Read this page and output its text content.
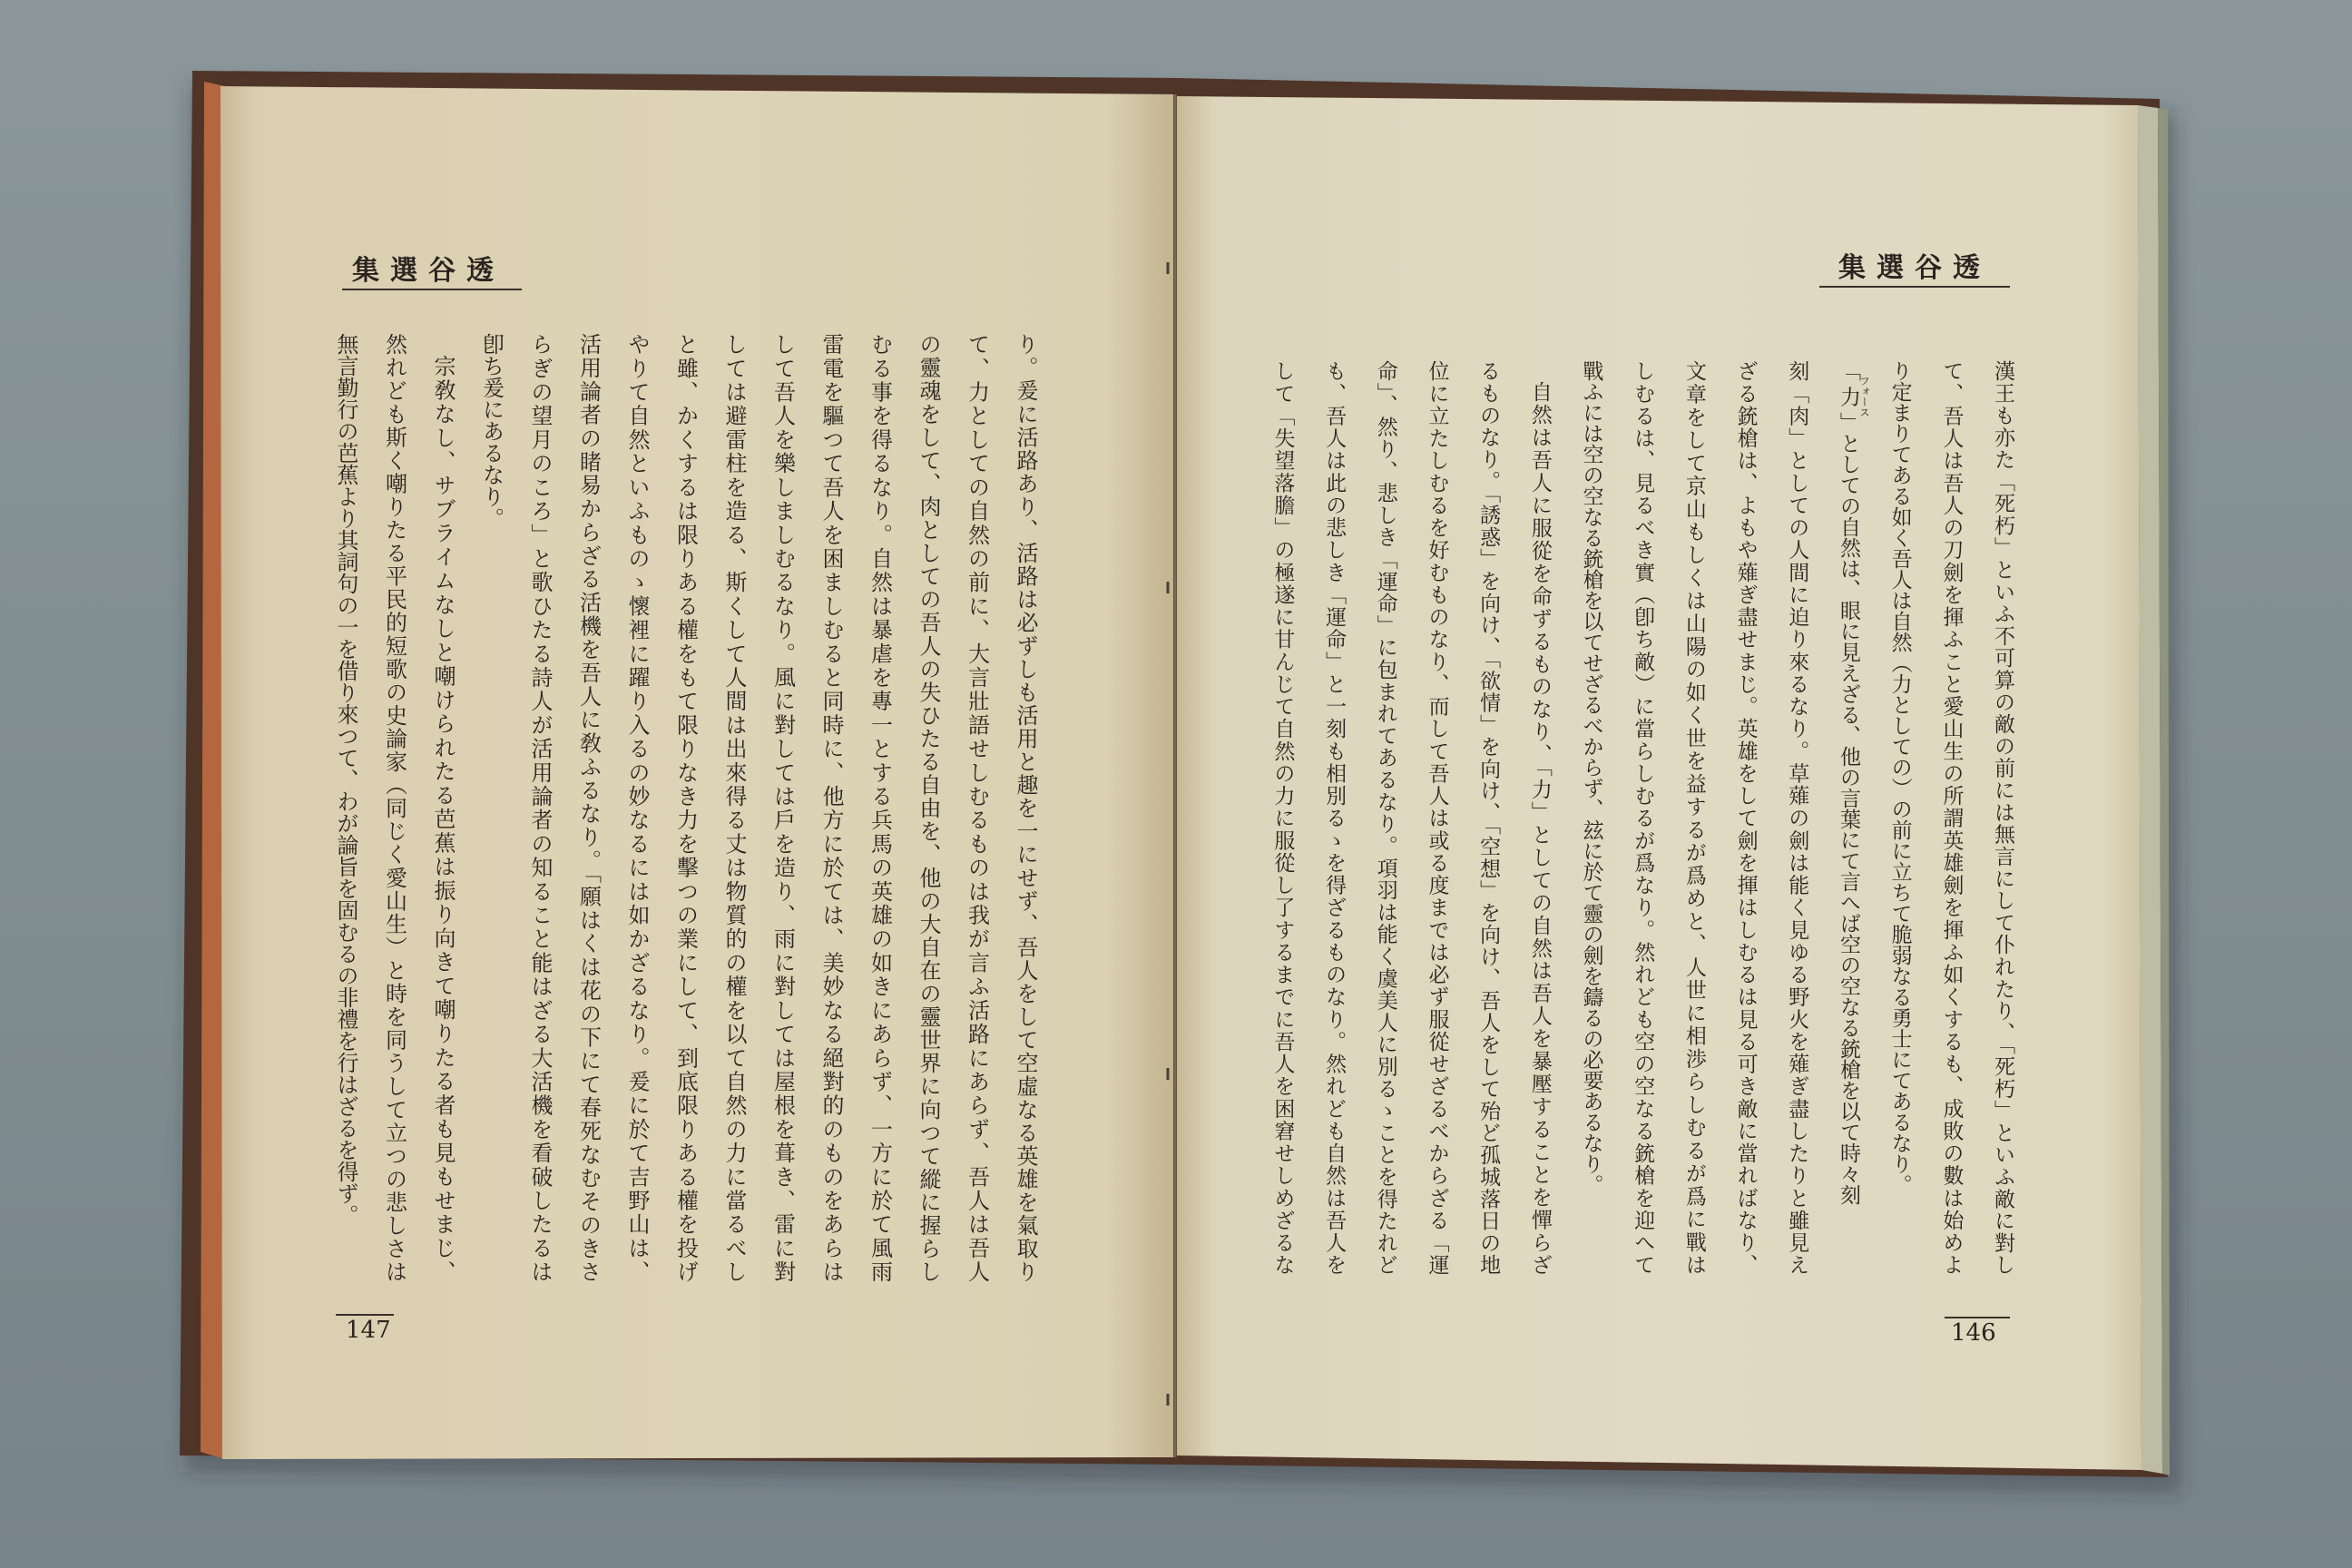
透谷選集
り。爰に活路あり、活路は必ずしも活用と趣を一にせず、吾人をして空虛なる英雄を氣取り
て、力としての自然の前に、大言壯語せしむるものは我が言ふ活路にあらず、吾人は吾人
の靈魂をして、肉としての吾人の失ひたる自由を、他の大自在の靈世界に向つて縱に握らし
むる事を得るなり。自然は暴虐を專一とする兵馬の英雄の如きにあらず、一方に於て風雨
雷電を驅つて吾人を困ましむると同時に、他方に於ては、美妙なる絕對的のものをあらは
して吾人を樂しましむるなり。風に對しては戶を造り、雨に對しては屋根を葺き、雷に對
しては避雷柱を造る、斯くして人間は出來得る丈は物質的の權を以て自然の力に當るべし
と雖、かくするは限りある權をもて限りなき力を擊つの業にして、到底限りある權を投げ
やりて自然といふものゝ懷裡に躍り入るの妙なるには如かざるなり。爰に於て吉野山は、
活用論者の睹易からざる活機を吾人に敎ふるなり。「願はくは花の下にて春死なむそのきさ
らぎの望月のころ」と歌ひたる詩人が活用論者の知ること能はざる大活機を看破したるは
卽ち爰にあるなり。
宗敎なし、サブライムなしと嘲けられたる芭蕉は振り向きて嘲りたる者も見もせまじ、
然れども斯く嘲りたる平民的短歌の史論家（同じく愛山生）と時を同うして立つの悲しさは
無言勤行の芭蕉より其詞句の一を借り來つて、わが論旨を固むるの非禮を行はざるを得ず。
147
透谷選集
漢王も亦た「死朽」といふ不可算の敵の前には無言にして仆れたり、「死朽」といふ敵に對し
て、吾人は吾人の刀劍を揮ふこと愛山生の所謂英雄劍を揮ふ如くするも、成敗の數は始めよ
り定まりてある如く吾人は自然（力としての）の前に立ちて脆弱なる勇士にてあるなり。
「力フォース」としての自然は、眼に見えざる、他の言葉にて言へば空の空なる銃槍を以て時々刻
刻「肉」としての人間に迫り來るなり。草薙の劍は能く見ゆる野火を薙ぎ盡したりと雖見え
ざる銃槍は、よもや薙ぎ盡せまじ。英雄をして劍を揮はしむるは見る可き敵に當ればなり、
文章をして京山もしくは山陽の如く世を益するが爲めと、人世に相渉らしむるが爲に戰は
しむるは、見るべき實（卽ち敵）に當らしむるが爲なり。然れども空の空なる銃槍を迎へて
戰ふには空の空なる銃槍を以てせざるべからず、玆に於て靈の劍を鑄るの必要あるなり。
自然は吾人に服從を命ずるものなり、「力」としての自然は吾人を暴壓することを憚らざ
るものなり。「誘惑」を向け、「欲情」を向け、「空想」を向け、吾人をして殆ど孤城落日の地
位に立たしむるを好むものなり、而して吾人は或る度までは必ず服從せざるべからざる「運
命」、然り、悲しき「運命」に包まれてあるなり。項羽は能く虞美人に別るゝことを得たれど
も、吾人は此の悲しき「運命」と一刻も相別るゝを得ざるものなり。然れども自然は吾人を
して「失望落膽」の極遂に甘んじて自然の力に服從し了するまでに吾人を困窘せしめざるな
146
